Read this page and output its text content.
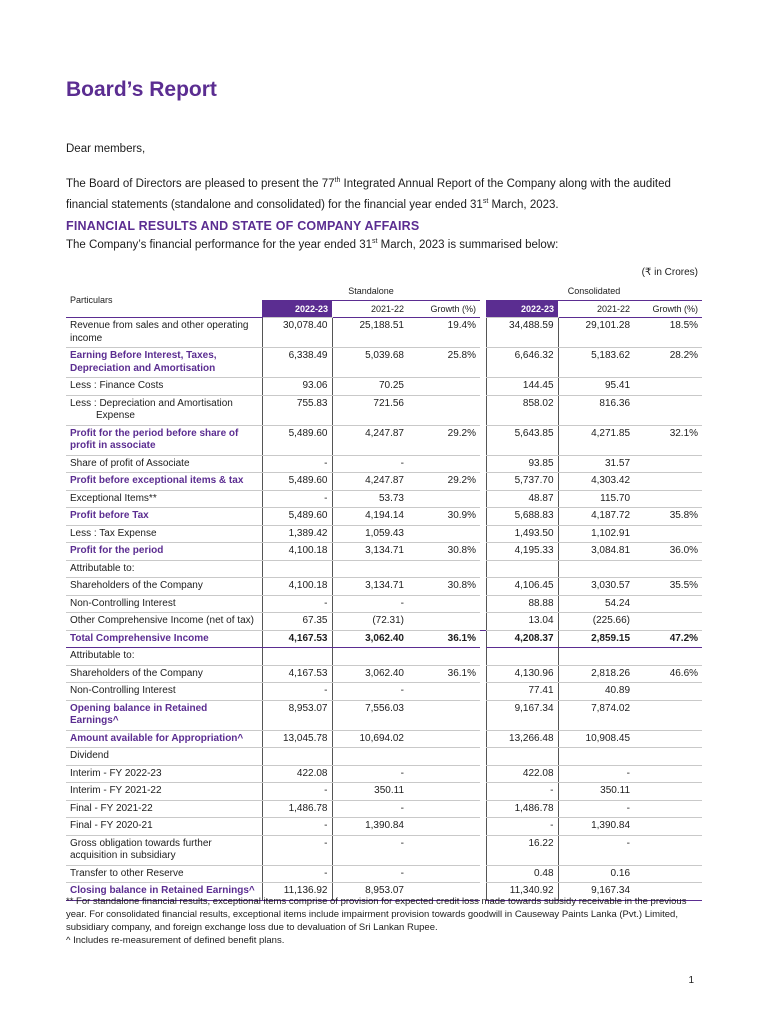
Board’s Report
Dear members,
The Board of Directors are pleased to present the 77th Integrated Annual Report of the Company along with the audited financial statements (standalone and consolidated) for the financial year ended 31st March, 2023.
FINANCIAL RESULTS AND STATE OF COMPANY AFFAIRS
The Company’s financial performance for the year ended 31st March, 2023 is summarised below:
(₹ in Crores)
Particulars	Standalone				Consolidated		
	2022-23	2021-22	Growth (%)		2022-23	2021-22	Growth (%)
Revenue from sales and other operating income	30,078.40	25,188.51	19.4%		34,488.59	29,101.28	18.5%
Earning Before Interest, Taxes, Depreciation and Amortisation	6,338.49	5,039.68	25.8%		6,646.32	5,183.62	28.2%
Less : Finance Costs	93.06	70.25			144.45	95.41	
Less : Depreciation and Amortisation
Expense	755.83	721.56			858.02	816.36	
Profit for the period before share of profit in associate	5,489.60	4,247.87	29.2%		5,643.85	4,271.85	32.1%
Share of profit of Associate	-	-			93.85	31.57	
Profit before exceptional items & tax	5,489.60	4,247.87	29.2%		5,737.70	4,303.42	
Exceptional Items**	-	53.73			48.87	115.70	
Profit before Tax	5,489.60	4,194.14	30.9%		5,688.83	4,187.72	35.8%
Less : Tax Expense	1,389.42	1,059.43			1,493.50	1,102.91	
Profit for the period	4,100.18	3,134.71	30.8%		4,195.33	3,084.81	36.0%
Attributable to:							
Shareholders of the Company	4,100.18	3,134.71	30.8%		4,106.45	3,030.57	35.5%
Non-Controlling Interest	-	-			88.88	54.24	
Other Comprehensive Income (net of tax)	67.35	(72.31)			13.04	(225.66)	
Total Comprehensive Income	4,167.53	3,062.40	36.1%		4,208.37	2,859.15	47.2%
Attributable to:							
Shareholders of the Company	4,167.53	3,062.40	36.1%		4,130.96	2,818.26	46.6%
Non-Controlling Interest	-	-			77.41	40.89	
Opening balance in Retained Earnings^	8,953.07	7,556.03			9,167.34	7,874.02	
Amount available for Appropriation^	13,045.78	10,694.02			13,266.48	10,908.45	
Dividend							
Interim - FY 2022-23	422.08	-			422.08	-	
Interim - FY 2021-22	-	350.11			-	350.11	
Final - FY 2021-22	1,486.78	-			1,486.78	-	
Final - FY 2020-21	-	1,390.84			-	1,390.84	
Gross obligation towards further acquisition in subsidiary	-	-			16.22	-	
Transfer to other Reserve	-	-			0.48	0.16	
Closing balance in Retained Earnings^	11,136.92	8,953.07			11,340.92	9,167.34	

** For standalone financial results, exceptional items comprise of provision for expected credit loss made towards subsidy receivable in the previous year. For consolidated financial results, exceptional items include impairment provision towards goodwill in Causeway Paints Lanka (Pvt.) Limited, subsidiary company, and foreign exchange loss due to devaluation of Sri Lankan Rupee.

^ Includes re-measurement of defined benefit plans.

1
